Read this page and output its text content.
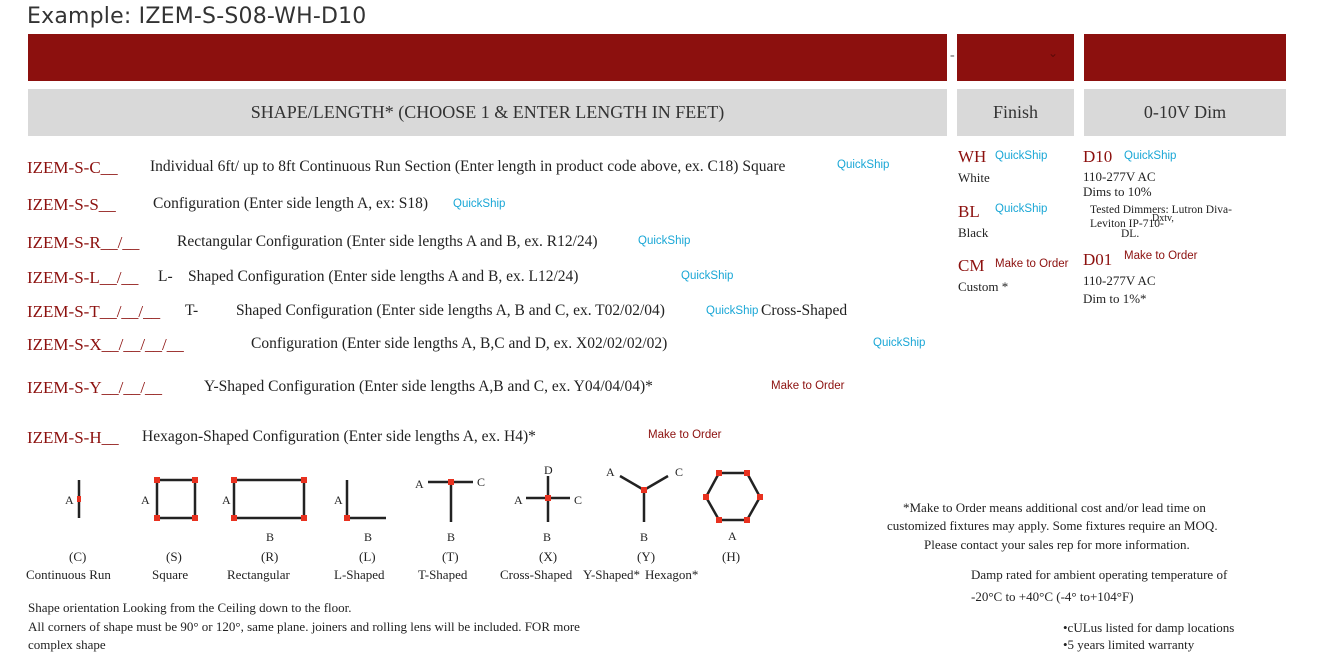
Example: IZEM-S-S08-WH-D10
-	⌄
SHAPE/LENGTH* (CHOOSE 1 & ENTER LENGTH IN FEET)	Finish	0-10V Dim
IZEM-S-C__ Individual 6ft/ up to 8ft Continuous Run Section (Enter length in product code above, ex. C18) Square	QuickShip
IZEM-S-S__ Configuration (Enter side length A, ex: S18) QuickShip
IZEM-S-R__/__ Rectangular Configuration (Enter side lengths A and B, ex. R12/24)	QuickShip
IZEM-S-L__/__ L- Shaped Configuration (Enter side lengths A and B, ex. L12/24)	QuickShip
IZEM-S-T__/__/__ T- Shaped Configuration (Enter side lengths A, B and C, ex. T02/02/04)	QuickShip Cross-Shaped
IZEM-S-X__/__/__/__	Configuration (Enter side lengths A, B,C and D, ex. X02/02/02/02)	QuickShip
IZEM-S-Y__/__/__	Y-Shaped Configuration (Enter side lengths A,B and C, ex. Y04/04/04)*	Make to Order
IZEM-S-H__ Hexagon-Shaped Configuration (Enter side lengths A, ex. H4)*	Make to Order
WH QuickShip
White
BL QuickShip
Black
CM Make to Order
Custom *
D10 QuickShip
110-277V AC
Dims to 10%
Tested Dimmers: Lutron Diva-
Leviton IP-710-
Dxtv,
DL.
D01 Make to Order
110-277V AC
Dim to 1%*
A	A	A
B
A
B
A	C
B
D
A	C
B
A	C
B	A
(C)
Continuous Run
(S)
Square
(R)
Rectangular
(L)
L-Shaped
(T)
T-Shaped
(X)
Cross-Shaped
(Y)
Y-Shaped*
(H)
Hexagon*
*Make to Order means additional cost and/or lead time on
customized fixtures may apply. Some fixtures require an MOQ.
Please contact your sales rep for more information.
Damp rated for ambient operating temperature of
-20°C to +40°C (-4° to+104°F)
•cULus listed for damp locations
•5 years limited warranty
Shape orientation Looking from the Ceiling down to the floor.
All corners of shape must be 90° or 120°, same plane. joiners and rolling lens will be included. FOR more
complex shape
